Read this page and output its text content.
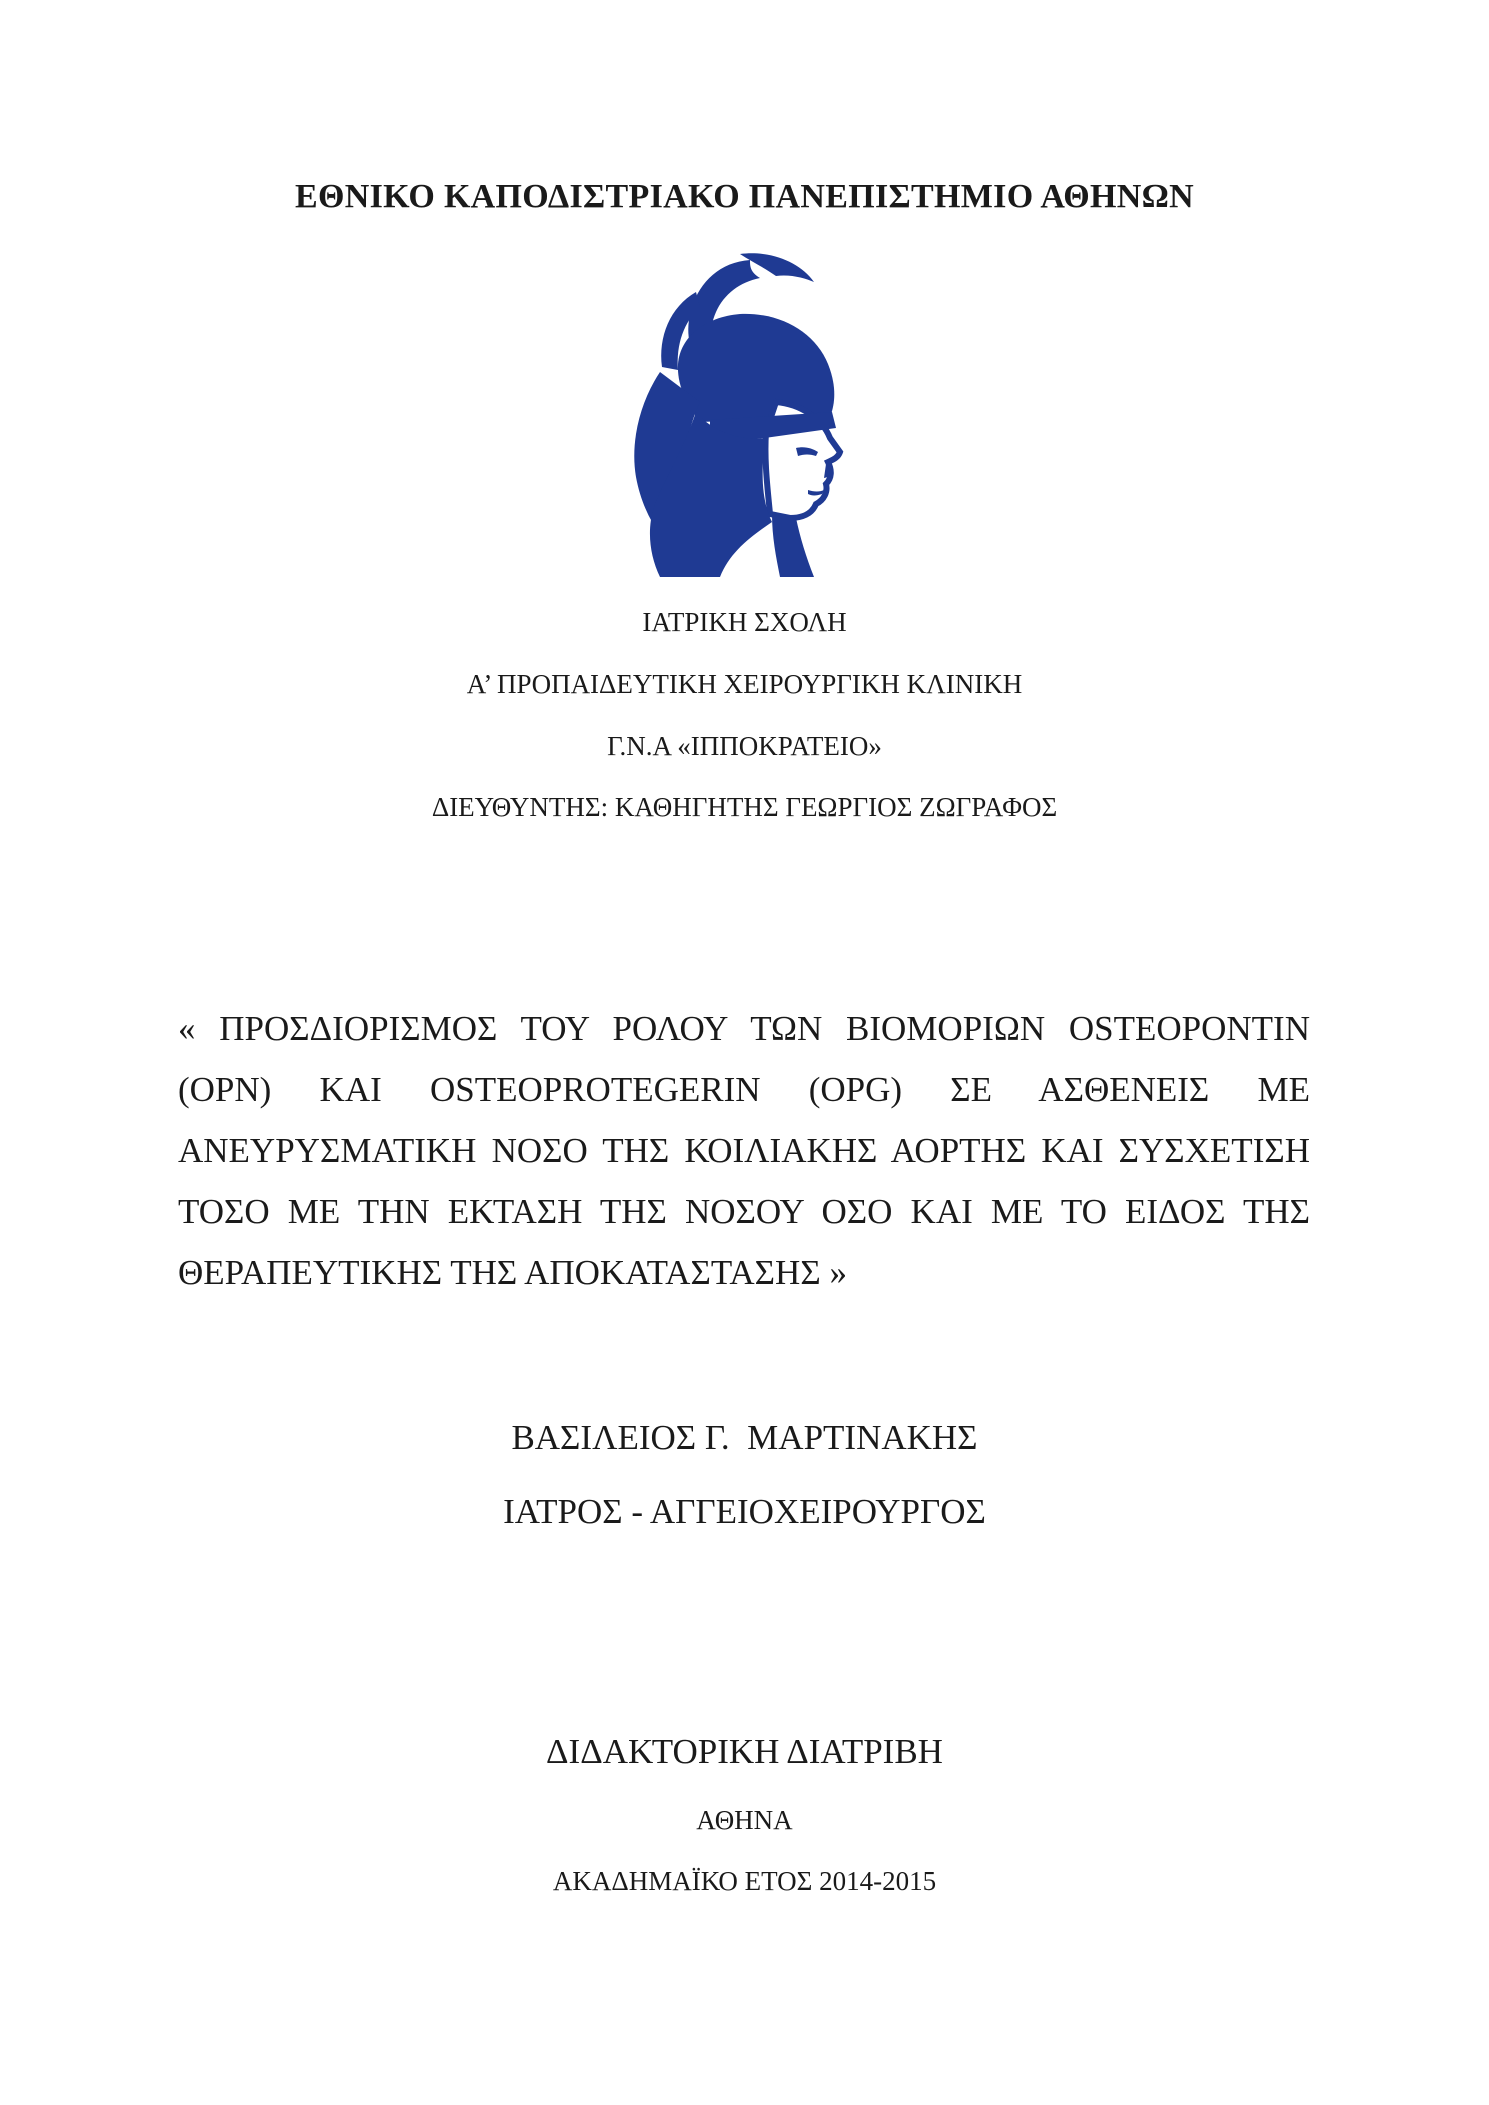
ΕΘΝΙΚΟ ΚΑΠΟΔΙΣΤΡΙΑΚΟ ΠΑΝΕΠΙΣΤΗΜΙΟ ΑΘΗΝΩΝ
ΙΑΤΡΙΚΗ ΣΧΟΛΗ
Α’ ΠΡΟΠΑΙΔΕΥΤΙΚΗ ΧΕΙΡΟΥΡΓΙΚΗ ΚΛΙΝΙΚΗ
Γ.Ν.Α «ΙΠΠΟΚΡΑΤΕΙΟ»
ΔΙΕΥΘΥΝΤΗΣ: ΚΑΘΗΓΗΤΗΣ ΓΕΩΡΓΙΟΣ ΖΩΓΡΑΦΟΣ
« ΠΡΟΣΔΙΟΡΙΣΜΟΣ ΤΟΥ ΡΟΛΟΥ ΤΩΝ ΒΙΟΜΟΡΙΩΝ OSTEOPONTIN
(OPN) ΚΑΙ OSTEOPROTEGERIN (OPG) ΣΕ ΑΣΘΕΝΕΙΣ ΜΕ
ΑΝΕΥΡΥΣΜΑΤΙΚΗ ΝΟΣΟ ΤΗΣ ΚΟΙΛΙΑΚΗΣ ΑΟΡΤΗΣ ΚΑΙ ΣΥΣΧΕΤΙΣΗ
ΤΟΣΟ ΜΕ ΤΗΝ ΕΚΤΑΣΗ ΤΗΣ ΝΟΣΟΥ ΟΣΟ ΚΑΙ ΜΕ ΤΟ ΕΙΔΟΣ ΤΗΣ
ΘΕΡΑΠΕΥΤΙΚΗΣ ΤΗΣ ΑΠΟΚΑΤΑΣΤΑΣΗΣ »
ΒΑΣΙΛΕΙΟΣ Γ.  ΜΑΡΤΙΝΑΚΗΣ
ΙΑΤΡΟΣ - ΑΓΓΕΙΟΧΕΙΡΟΥΡΓΟΣ
ΔΙΔΑΚΤΟΡΙΚΗ ΔΙΑΤΡΙΒΗ
ΑΘΗΝΑ
ΑΚΑΔΗΜΑΪΚΟ ΕΤΟΣ 2014-2015
